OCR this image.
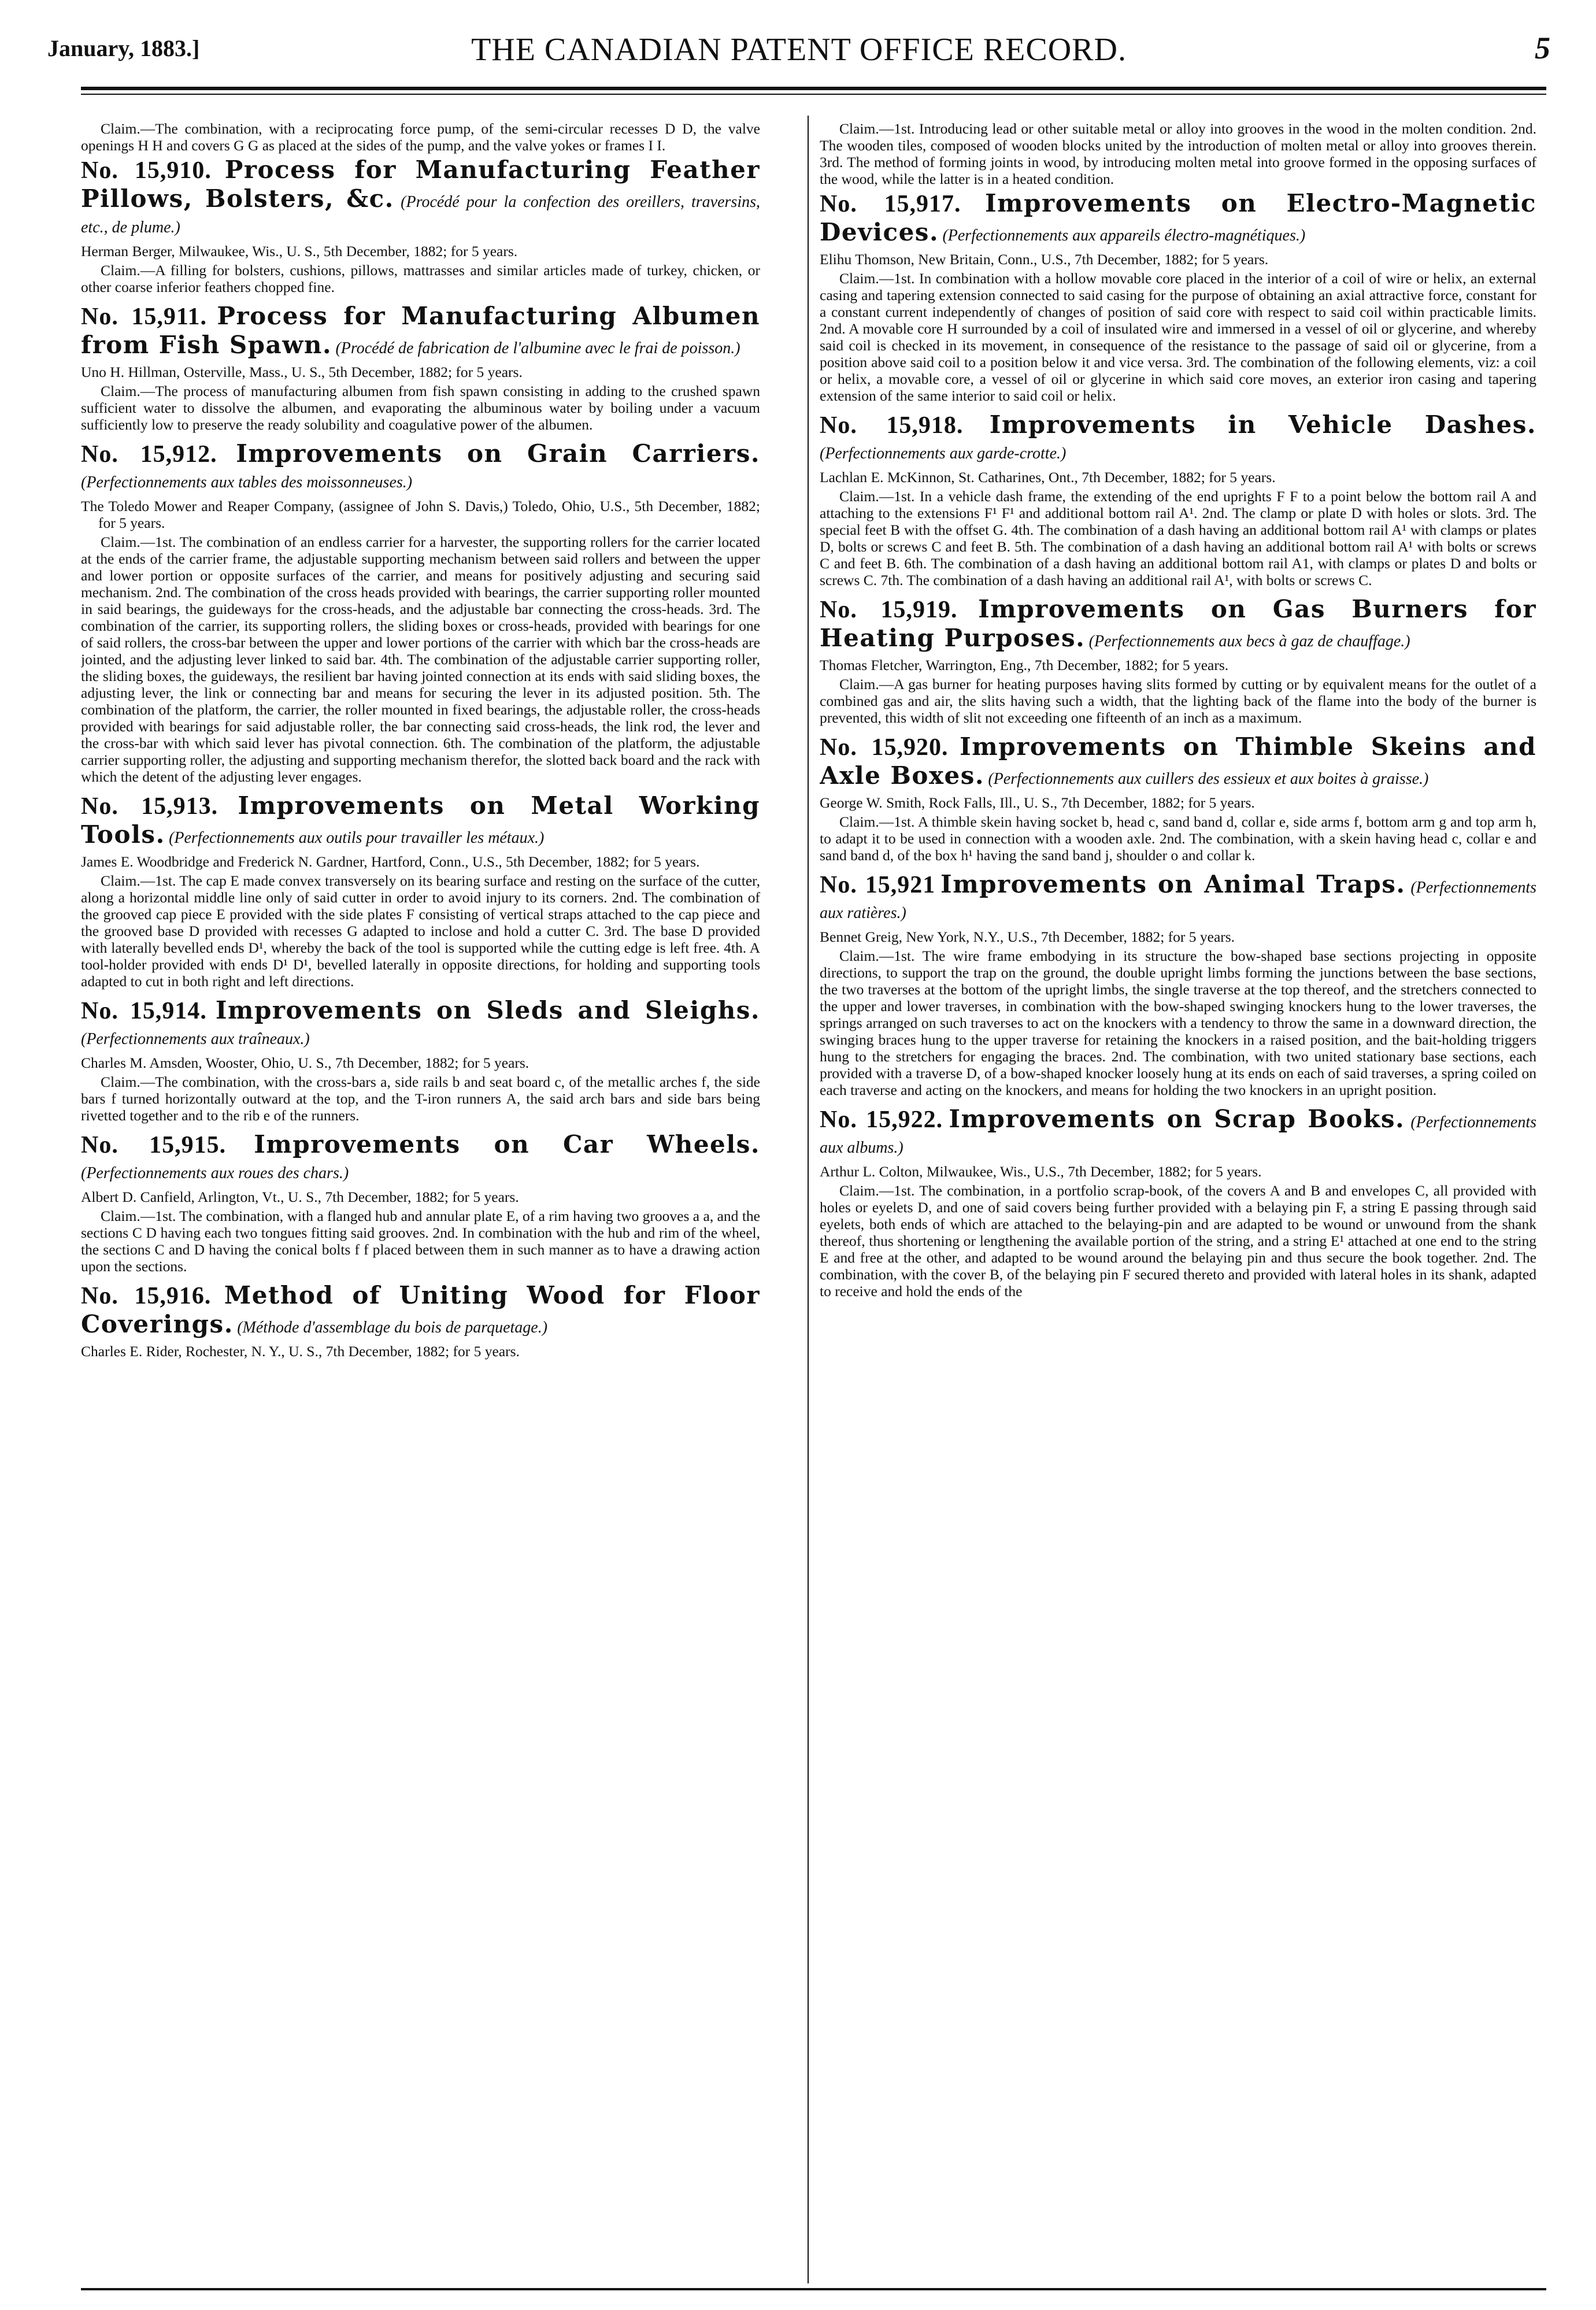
January, 1883.]	THE CANADIAN PATENT OFFICE RECORD.	5

Claim.—The combination, with a reciprocating force pump, of the semi-circular recesses D D, the valve openings H H and covers G G as placed at the sides of the pump, and the valve yokes or frames I I.

No. 15,910. Process for Manufacturing Feather Pillows, Bolsters, &c. (Procédé pour la confection des oreillers, traversins, etc., de plume.)
Herman Berger, Milwaukee, Wis., U. S., 5th December, 1882; for 5 years.

Claim.—A filling for bolsters, cushions, pillows, mattrasses and similar articles made of turkey, chicken, or other coarse inferior feathers chopped fine.

No. 15,911. Process for Manufacturing Albumen from Fish Spawn. (Procédé de fabrication de l'albumine avec le frai de poisson.)
Uno H. Hillman, Osterville, Mass., U. S., 5th December, 1882; for 5 years.

Claim.—The process of manufacturing albumen from fish spawn consisting in adding to the crushed spawn sufficient water to dissolve the albumen, and evaporating the albuminous water by boiling under a vacuum sufficiently low to preserve the ready solubility and coagulative power of the albumen.

No. 15,912. Improvements on Grain Carriers. (Perfectionnements aux tables des moissonneuses.)
The Toledo Mower and Reaper Company, (assignee of John S. Davis,) Toledo, Ohio, U.S., 5th December, 1882; for 5 years.

Claim.—1st. The combination of an endless carrier for a harvester, the supporting rollers for the carrier located at the ends of the carrier frame, the adjustable supporting mechanism between said rollers and between the upper and lower portion or opposite surfaces of the carrier, and means for positively adjusting and securing said mechanism. 2nd. The combination of the cross heads provided with bearings, the carrier supporting roller mounted in said bearings, the guideways for the cross-heads, and the adjustable bar connecting the cross-heads. 3rd. The combination of the carrier, its supporting rollers, the sliding boxes or cross-heads, provided with bearings for one of said rollers, the cross-bar between the upper and lower portions of the carrier with which bar the cross-heads are jointed, and the adjusting lever linked to said bar. 4th. The combination of the adjustable carrier supporting roller, the sliding boxes, the guideways, the resilient bar having jointed connection at its ends with said sliding boxes, the adjusting lever, the link or connecting bar and means for securing the lever in its adjusted position. 5th. The combination of the platform, the carrier, the roller mounted in fixed bearings, the adjustable roller, the cross-heads provided with bearings for said adjustable roller, the bar connecting said cross-heads, the link rod, the lever and the cross-bar with which said lever has pivotal connection. 6th. The combination of the platform, the adjustable carrier supporting roller, the adjusting and supporting mechanism therefor, the slotted back board and the rack with which the detent of the adjusting lever engages.

No. 15,913. Improvements on Metal Working Tools. (Perfectionnements aux outils pour travailler les métaux.)
James E. Woodbridge and Frederick N. Gardner, Hartford, Conn., U.S., 5th December, 1882; for 5 years.

Claim.—1st. The cap E made convex transversely on its bearing surface and resting on the surface of the cutter, along a horizontal middle line only of said cutter in order to avoid injury to its corners. 2nd. The combination of the grooved cap piece E provided with the side plates F consisting of vertical straps attached to the cap piece and the grooved base D provided with recesses G adapted to inclose and hold a cutter C. 3rd. The base D provided with laterally bevelled ends D¹, whereby the back of the tool is supported while the cutting edge is left free. 4th. A tool-holder provided with ends D¹ D¹, bevelled laterally in opposite directions, for holding and supporting tools adapted to cut in both right and left directions.

No. 15,914. Improvements on Sleds and Sleighs. (Perfectionnements aux traîneaux.)
Charles M. Amsden, Wooster, Ohio, U. S., 7th December, 1882; for 5 years.

Claim.—The combination, with the cross-bars a, side rails b and seat board c, of the metallic arches f, the side bars f turned horizontally outward at the top, and the T-iron runners A, the said arch bars and side bars being rivetted together and to the rib e of the runners.

No. 15,915. Improvements on Car Wheels. (Perfectionnements aux roues des chars.)
Albert D. Canfield, Arlington, Vt., U. S., 7th December, 1882; for 5 years.

Claim.—1st. The combination, with a flanged hub and annular plate E, of a rim having two grooves a a, and the sections C D having each two tongues fitting said grooves. 2nd. In combination with the hub and rim of the wheel, the sections C and D having the conical bolts f f placed between them in such manner as to have a drawing action upon the sections.

No. 15,916. Method of Uniting Wood for Floor Coverings. (Méthode d'assemblage du bois de parquetage.)
Charles E. Rider, Rochester, N. Y., U. S., 7th December, 1882; for 5 years.

Claim.—1st. Introducing lead or other suitable metal or alloy into grooves in the wood in the molten condition. 2nd. The wooden tiles, composed of wooden blocks united by the introduction of molten metal or alloy into grooves therein. 3rd. The method of forming joints in wood, by introducing molten metal into groove formed in the opposing surfaces of the wood, while the latter is in a heated condition.

No. 15,917. Improvements on Electro-Magnetic Devices. (Perfectionnements aux appareils électro-magnétiques.)
Elihu Thomson, New Britain, Conn., U.S., 7th December, 1882; for 5 years.

Claim.—1st. In combination with a hollow movable core placed in the interior of a coil of wire or helix, an external casing and tapering extension connected to said casing for the purpose of obtaining an axial attractive force, constant for a constant current independently of changes of position of said core with respect to said coil within practicable limits. 2nd. A movable core H surrounded by a coil of insulated wire and immersed in a vessel of oil or glycerine, and whereby said coil is checked in its movement, in consequence of the resistance to the passage of said oil or glycerine, from a position above said coil to a position below it and vice versa. 3rd. The combination of the following elements, viz: a coil or helix, a movable core, a vessel of oil or glycerine in which said core moves, an exterior iron casing and tapering extension of the same interior to said coil or helix.

No. 15,918. Improvements in Vehicle Dashes. (Perfectionnements aux garde-crotte.)
Lachlan E. McKinnon, St. Catharines, Ont., 7th December, 1882; for 5 years.

Claim.—1st. In a vehicle dash frame, the extending of the end uprights F F to a point below the bottom rail A and attaching to the extensions F¹ F¹ and additional bottom rail A¹. 2nd. The clamp or plate D with holes or slots. 3rd. The special feet B with the offset G. 4th. The combination of a dash having an additional bottom rail A¹ with clamps or plates D, bolts or screws C and feet B. 5th. The combination of a dash having an additional bottom rail A¹ with bolts or screws C and feet B. 6th. The combination of a dash having an additional bottom rail A1, with clamps or plates D and bolts or screws C. 7th. The combination of a dash having an additional rail A¹, with bolts or screws C.

No. 15,919. Improvements on Gas Burners for Heating Purposes. (Perfectionnements aux becs à gaz de chauffage.)
Thomas Fletcher, Warrington, Eng., 7th December, 1882; for 5 years.

Claim.—A gas burner for heating purposes having slits formed by cutting or by equivalent means for the outlet of a combined gas and air, the slits having such a width, that the lighting back of the flame into the body of the burner is prevented, this width of slit not exceeding one fifteenth of an inch as a maximum.

No. 15,920. Improvements on Thimble Skeins and Axle Boxes. (Perfectionnements aux cuillers des essieux et aux boites à graisse.)
George W. Smith, Rock Falls, Ill., U. S., 7th December, 1882; for 5 years.

Claim.—1st. A thimble skein having socket b, head c, sand band d, collar e, side arms f, bottom arm g and top arm h, to adapt it to be used in connection with a wooden axle. 2nd. The combination, with a skein having head c, collar e and sand band d, of the box h¹ having the sand band j, shoulder o and collar k.

No. 15,921 Improvements on Animal Traps. (Perfectionnements aux ratières.)
Bennet Greig, New York, N.Y., U.S., 7th December, 1882; for 5 years.

Claim.—1st. The wire frame embodying in its structure the bow-shaped base sections projecting in opposite directions, to support the trap on the ground, the double upright limbs forming the junctions between the base sections, the two traverses at the bottom of the upright limbs, the single traverse at the top thereof, and the stretchers connected to the upper and lower traverses, in combination with the bow-shaped swinging knockers hung to the lower traverses, the springs arranged on such traverses to act on the knockers with a tendency to throw the same in a downward direction, the swinging braces hung to the upper traverse for retaining the knockers in a raised position, and the bait-holding triggers hung to the stretchers for engaging the braces. 2nd. The combination, with two united stationary base sections, each provided with a traverse D, of a bow-shaped knocker loosely hung at its ends on each of said traverses, a spring coiled on each traverse and acting on the knockers, and means for holding the two knockers in an upright position.

No. 15,922. Improvements on Scrap Books. (Perfectionnements aux albums.)
Arthur L. Colton, Milwaukee, Wis., U.S., 7th December, 1882; for 5 years.

Claim.—1st. The combination, in a portfolio scrap-book, of the covers A and B and envelopes C, all provided with holes or eyelets D, and one of said covers being further provided with a belaying pin F, a string E passing through said eyelets, both ends of which are attached to the belaying-pin and are adapted to be wound or unwound from the shank thereof, thus shortening or lengthening the available portion of the string, and a string E¹ attached at one end to the string E and free at the other, and adapted to be wound around the belaying pin and thus secure the book together. 2nd. The combination, with the cover B, of the belaying pin F secured thereto and provided with lateral holes in its shank, adapted to receive and hold the ends of the
